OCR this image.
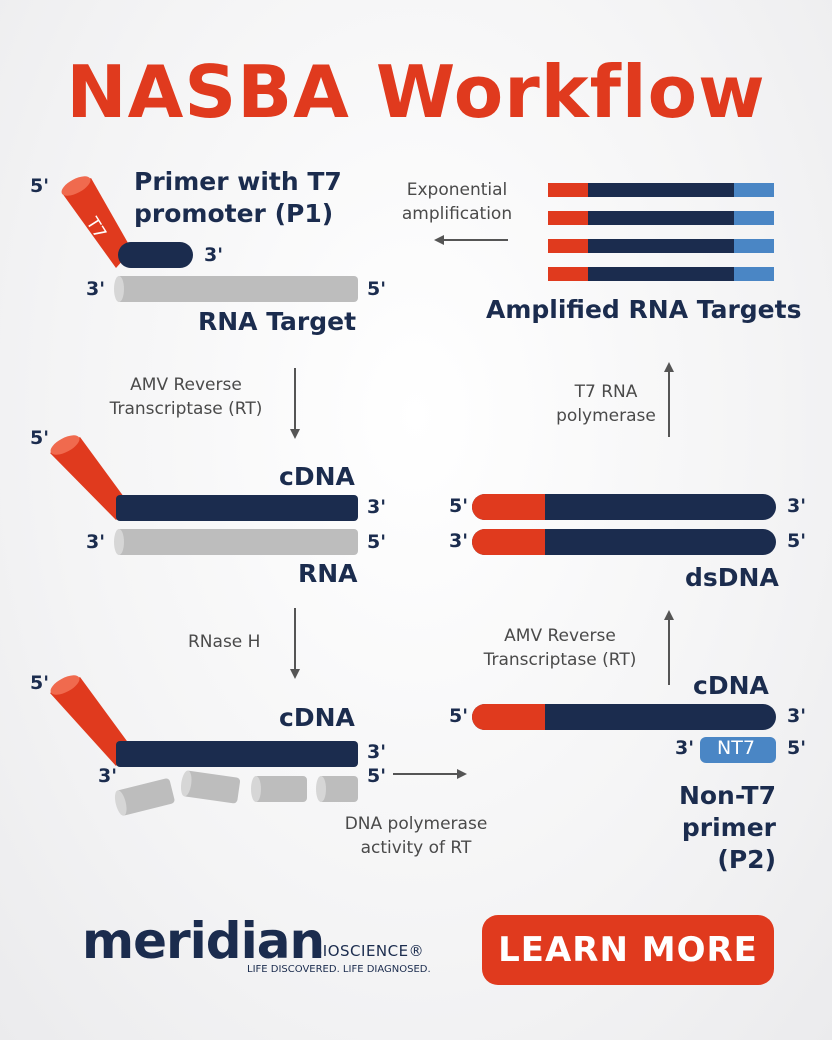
NASBA Workflow
T7
5'	Primer with T7
promoter (P1)
3'
3'	5'
RNA Target
AMV Reverse
Transcriptase (RT)
5'
cDNA
3'
3'	5'
RNA
RNase H
5'
cDNA
3'
3'	5'
DNA polymerase
activity of RT
cDNA
5'	3'
3' NT7 5'
Non-T7
primer (P2)
AMV Reverse
Transcriptase (RT)
5'	3'
3'	5'
dsDNA
T7 RNA
polymerase
Amplified RNA Targets
Exponential
amplification
meridian
BIOSCIENCE®
LIFE DISCOVERED. LIFE DIAGNOSED.	LEARN MORE
